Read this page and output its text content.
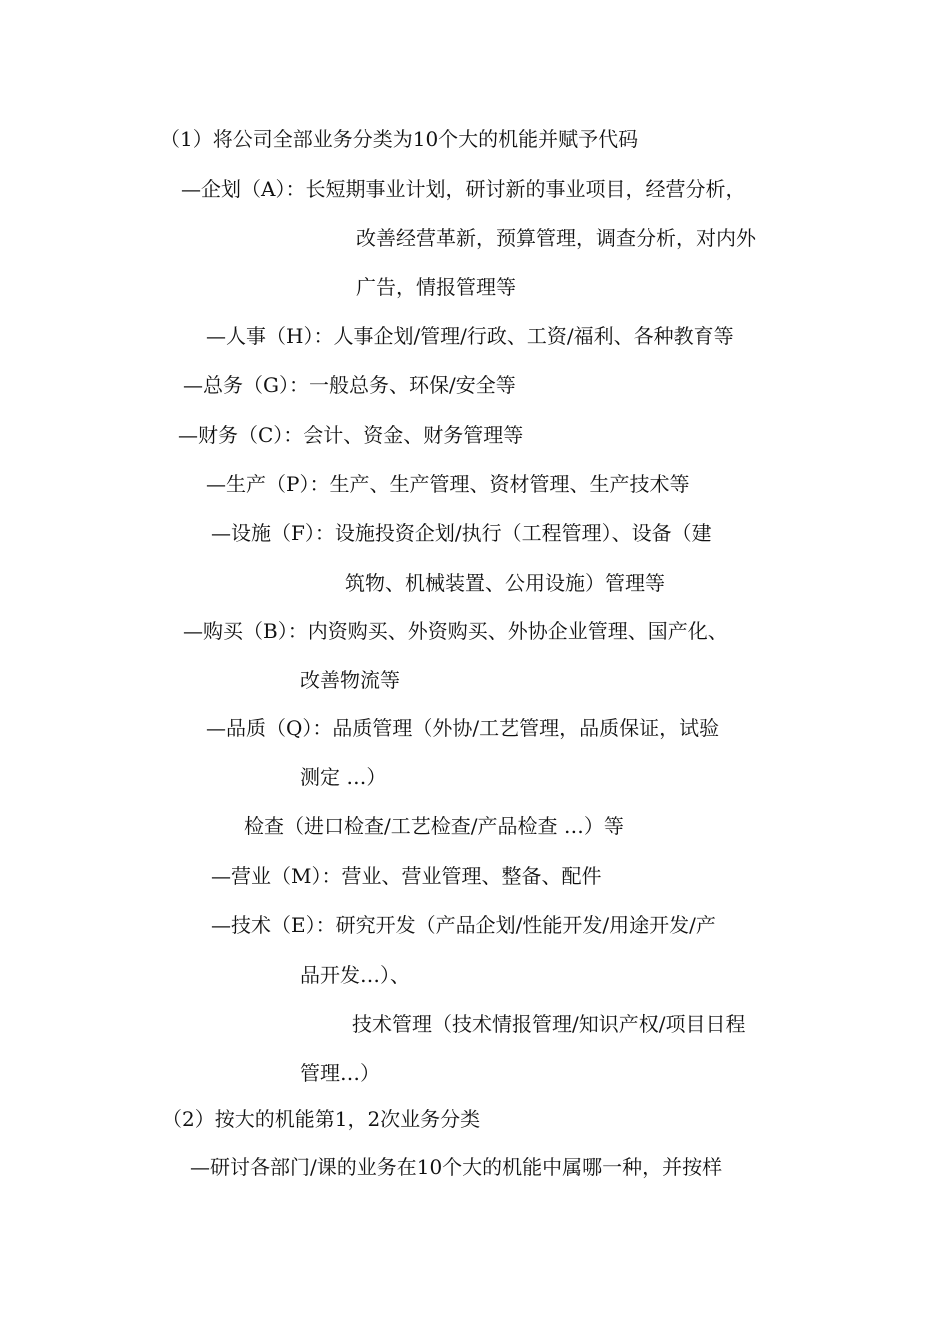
（1）将公司全部业务分类为10个大的机能并赋予代码
—企划（A）：长短期事业计划，研讨新的事业项目，经营分析，
改善经营革新，预算管理，调查分析，对内外
广告，情报管理等
—人事（H）：人事企划/管理/行政、工资/福利、各种教育等
—总务（G）：一般总务、环保/安全等
—财务（C）：会计、资金、财务管理等
—生产（P）：生产、生产管理、资材管理、生产技术等
—设施（F）：设施投资企划/执行（工程管理）、设备（建
筑物、机械装置、公用设施）管理等
—购买（B）：内资购买、外资购买、外协企业管理、国产化、
改善物流等
—品质（Q）：品质管理（外协/工艺管理，品质保证，试验
测定 …）
检查（进口检查/工艺检查/产品检查 …）等
—营业（M）：营业、营业管理、整备、配件
—技术（E）：研究开发（产品企划/性能开发/用途开发/产
品开发…）、
技术管理（技术情报管理/知识产权/项目日程
管理…）
（2）按大的机能第1，2次业务分类
—研讨各部门/课的业务在10个大的机能中属哪一种，并按样
